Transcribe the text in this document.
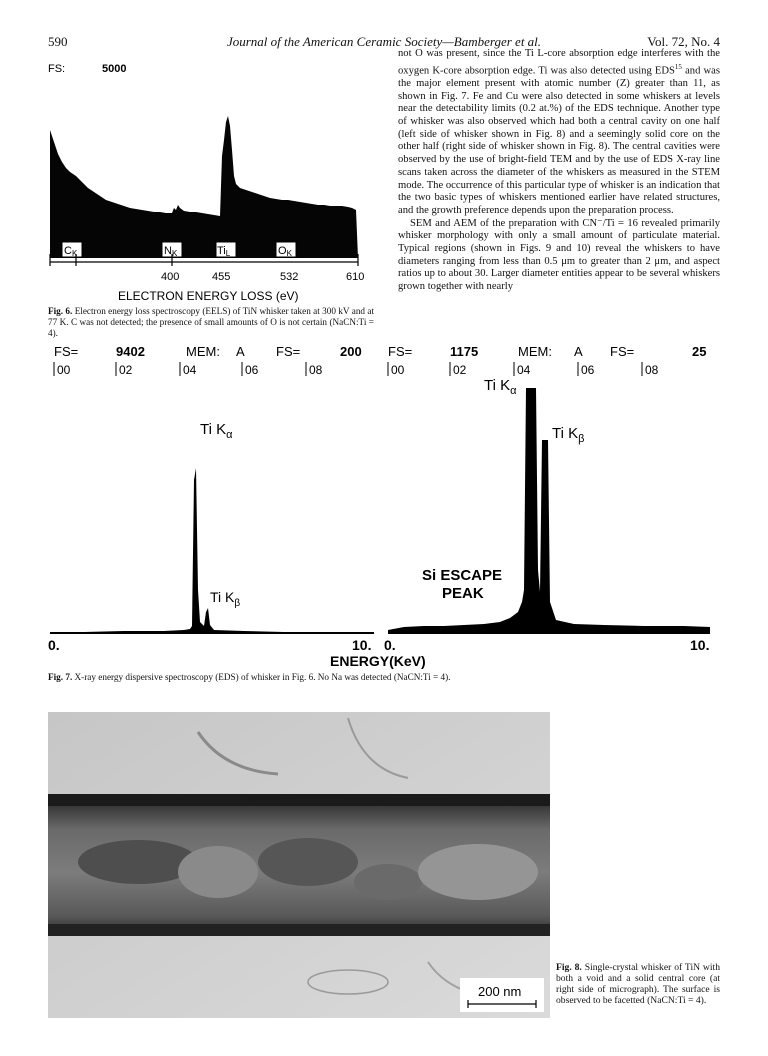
590	Journal of the American Ceramic Society—Bamberger et al.	Vol. 72, No. 4
FS:	5000
CK	NK	TiL	OK
400	455	532	610
ELECTRON ENERGY LOSS (eV)
Fig. 6. Electron energy loss spectroscopy (EELS) of TiN whisker taken at 300 kV and at 77 K. C was not detected; the presence of small amounts of O is not certain (NaCN:Ti = 4).

not O was present, since the Ti L-core absorption edge interferes with the oxygen K-core absorption edge. Ti was also detected using EDS$^{15}$ and was the major element present with atomic number (Z) greater than 11, as shown in Fig. 7. Fe and Cu were also detected in some whiskers at levels near the detectability limits (0.2 at.%) of the EDS technique. Another type of whisker was also observed which had both a central cavity on one half (left side of whisker shown in Fig. 8) and a seemingly solid core on the other half (right side of whisker shown in Fig. 8). The central cavities were observed by the use of bright-field TEM and by the use of EDS X-ray line scans taken across the diameter of the whiskers as measured in the STEM mode. The occurrence of this particular type of whisker is an indication that the two basic types of whiskers mentioned earlier have related structures, and the growth preference depends upon the preparation process.

SEM and AEM of the preparation with CN⁻/Ti = 16 revealed primarily whisker morphology with only a small amount of particulate material. Typical regions (shown in Figs. 9 and 10) reveal the whiskers to have diameters ranging from less than 0.5 μm to greater than 2 μm, and aspect ratios up to about 30. Larger diameter entities appear to be several whiskers grown together with nearly

FS=	9402	MEM: A FS=	200
00	02	04	06	08
Ti $K_\alpha$
Ti $K_\beta$
0.	10.
FS=	1175	MEM: A FS=	25
00	02	04	06	08
Ti $K_\alpha$
Ti $K_\beta$
Si ESCAPE
PEAK
0.	10.
ENERGY(KeV)
Fig. 7. X-ray energy dispersive spectroscopy (EDS) of whisker in Fig. 6. No Na was detected (NaCN:Ti = 4).
200 nm
Fig. 8. Single-crystal whisker of TiN with both a void and a solid central core (at right side of micrograph). The surface is observed to be facetted (NaCN:Ti = 4).
